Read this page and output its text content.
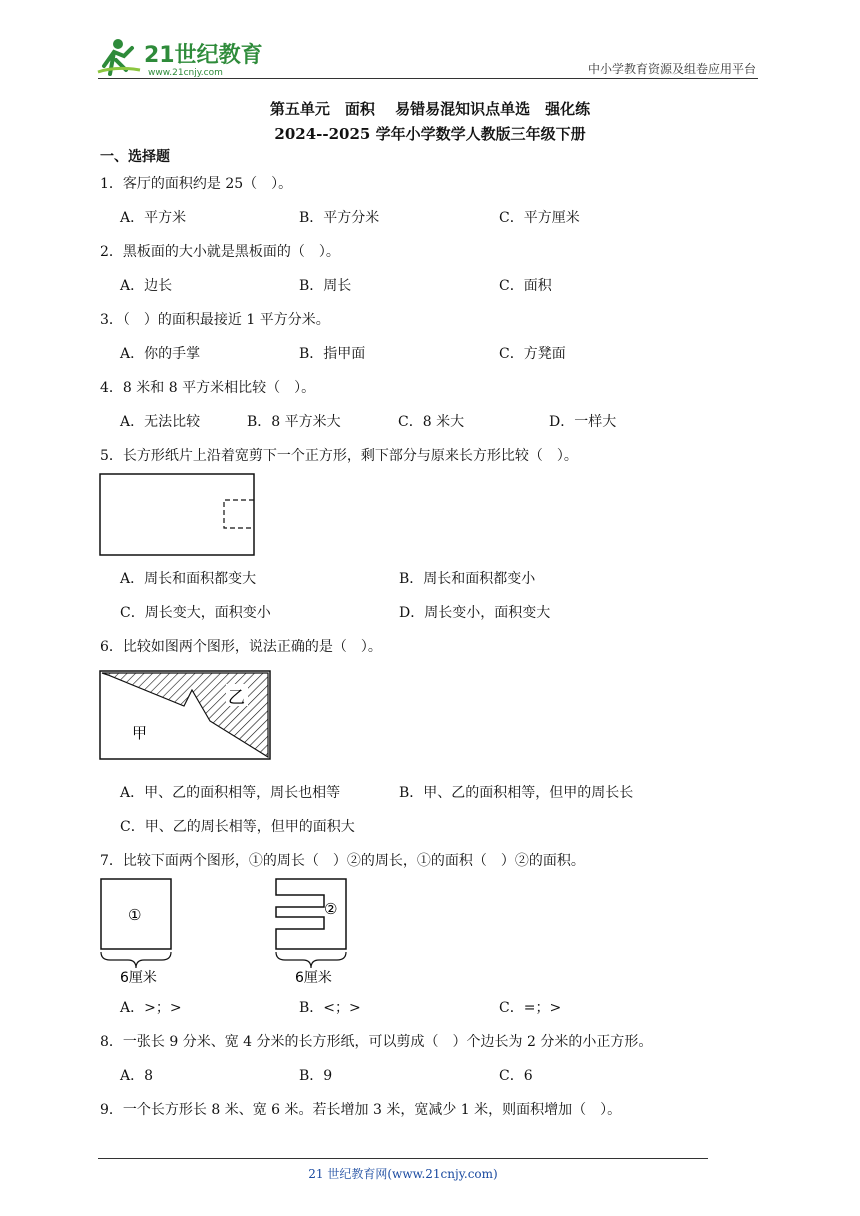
21世纪教育
www.21cnjy.com	中小学教育资源及组卷应用平台
第五单元　面积　 易错易混知识点单选　强化练
2024--2025 学年小学数学人教版三年级下册
一、选择题
1．客厅的面积约是 25（　）。
A．平方米	B．平方分米	C．平方厘米
2．黑板面的大小就是黑板面的（　）。
A．边长	B．周长	C．面积
3．（　）的面积最接近 1 平方分米。
A．你的手掌	B．指甲面	C．方凳面
4．8 米和 8 平方米相比较（　）。
A．无法比较	B．8 平方米大	C．8 米大	D．一样大
5．长方形纸片上沿着宽剪下一个正方形，剩下部分与原来长方形比较（　）。
A．周长和面积都变大	B．周长和面积都变小
C．周长变大，面积变小	D．周长变小，面积变大
6．比较如图两个图形，说法正确的是（　）。
乙
甲
A．甲、乙的面积相等，周长也相等	B．甲、乙的面积相等，但甲的周长长
C．甲、乙的周长相等，但甲的面积大
7．比较下面两个图形，①的周长（　）②的周长，①的面积（　）②的面积。
①
6厘米
②
6厘米
A．>；>	B．<；>	C．=；>
8．一张长 9 分米、宽 4 分米的长方形纸，可以剪成（　）个边长为 2 分米的小正方形。
A．8	B．9	C．6
9．一个长方形长 8 米、宽 6 米。若长增加 3 米，宽减少 1 米，则面积增加（　）。
21 世纪教育网(www.21cnjy.com)
